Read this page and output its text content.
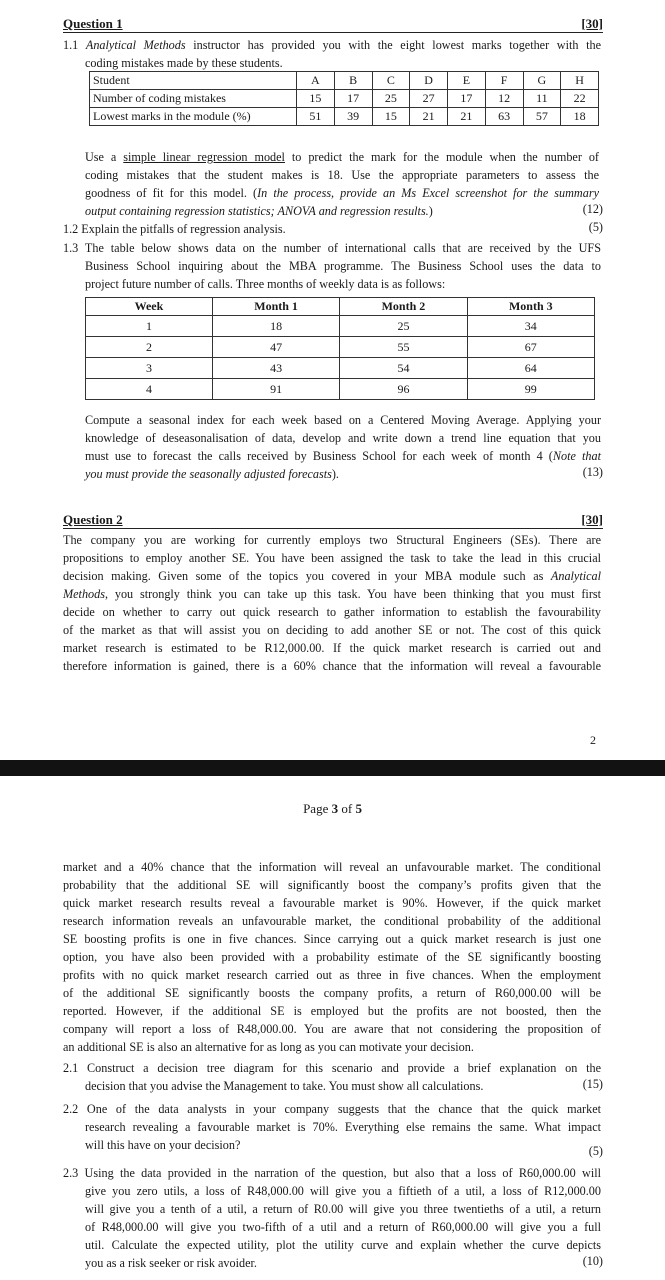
Question 1	[30]
1.1 Analytical Methods instructor has provided you with the eight lowest marks together with the
coding mistakes made by these students.
Student	A	B	C	D	E	F	G	H
Number of coding mistakes	15	17	25	27	17	12	11	22
Lowest marks in the module (%)	51	39	15	21	21	63	57	18
Use a simple linear regression model to predict the mark for the module when the number of
coding mistakes that the student makes is 18. Use the appropriate parameters to assess the
goodness of fit for this model. (In the process, provide an Ms Excel screenshot for the summary
output containing regression statistics; ANOVA and regression results.)	(12)
1.2 Explain the pitfalls of regression analysis.	(5)
1.3 The table below shows data on the number of international calls that are received by the UFS
Business School inquiring about the MBA programme. The Business School uses the data to
project future number of calls. Three months of weekly data is as follows:
Week	Month 1	Month 2	Month 3
1	18	25	34
2	47	55	67
3	43	54	64
4	91	96	99
Compute a seasonal index for each week based on a Centered Moving Average. Applying your
knowledge of deseasonalisation of data, develop and write down a trend line equation that you
must use to forecast the calls received by Business School for each week of month 4 (Note that
you must provide the seasonally adjusted forecasts).	(13)
Question 2	[30]
The company you are working for currently employs two Structural Engineers (SEs). There are
propositions to employ another SE. You have been assigned the task to take the lead in this crucial
decision making. Given some of the topics you covered in your MBA module such as Analytical
Methods, you strongly think you can take up this task. You have been thinking that you must first
decide on whether to carry out quick research to gather information to establish the favourability
of the market as that will assist you on deciding to add another SE or not. The cost of this quick
market research is estimated to be R12,000.00. If the quick market research is carried out and
therefore information is gained, there is a 60% chance that the information will reveal a favourable
2
Page 3 of 5
market and a 40% chance that the information will reveal an unfavourable market. The conditional
probability that the additional SE will significantly boost the company’s profits given that the
quick market research results reveal a favourable market is 90%. However, if the quick market
research information reveals an unfavourable market, the conditional probability of the additional
SE boosting profits is one in five chances. Since carrying out a quick market research is just one
option, you have also been provided with a probability estimate of the SE significantly boosting
profits with no quick market research carried out as three in five chances. When the employment
of the additional SE significantly boosts the company profits, a return of R60,000.00 will be
reported. However, if the additional SE is employed but the profits are not boosted, then the
company will report a loss of R48,000.00. You are aware that not considering the proposition of
an additional SE is also an alternative for as long as you can motivate your decision.
2.1 Construct a decision tree diagram for this scenario and provide a brief explanation on the
decision that you advise the Management to take. You must show all calculations.	(15)
2.2 One of the data analysts in your company suggests that the chance that the quick market
research revealing a favourable market is 70%. Everything else remains the same. What impact
will this have on your decision?	(5)
2.3 Using the data provided in the narration of the question, but also that a loss of R60,000.00 will
give you zero utils, a loss of R48,000.00 will give you a fiftieth of a util, a loss of R12,000.00
will give you a tenth of a util, a return of R0.00 will give you three twentieths of a util, a return
of R48,000.00 will give you two-fifth of a util and a return of R60,000.00 will give you a full
util. Calculate the expected utility, plot the utility curve and explain whether the curve depicts
you as a risk seeker or risk avoider.	(10)
